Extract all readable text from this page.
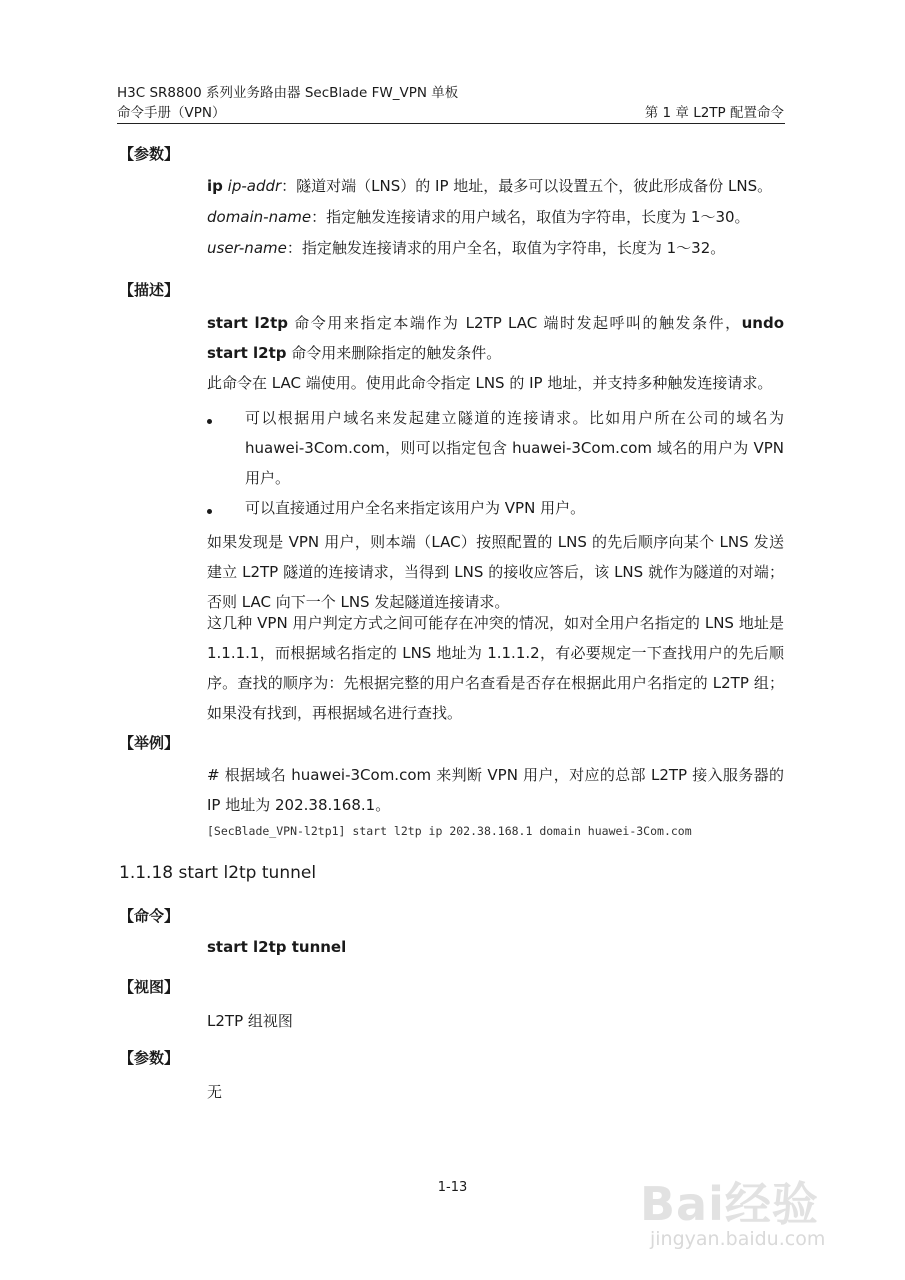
H3C SR8800 系列业务路由器 SecBlade FW_VPN 单板
命令手册（VPN）	第 1 章 L2TP 配置命令
【参数】
ip ip-addr：隧道对端（LNS）的 IP 地址，最多可以设置五个，彼此形成备份 LNS。
domain-name：指定触发连接请求的用户域名，取值为字符串，长度为 1～30。
user-name：指定触发连接请求的用户全名，取值为字符串，长度为 1～32。
【描述】
start l2tp 命令用来指定本端作为 L2TP LAC 端时发起呼叫的触发条件，undo start l2tp 命令用来删除指定的触发条件。
此命令在 LAC 端使用。使用此命令指定 LNS 的 IP 地址，并支持多种触发连接请求。
可以根据用户域名来发起建立隧道的连接请求。比如用户所在公司的域名为 huawei-3Com.com，则可以指定包含 huawei-3Com.com 域名的用户为 VPN 用户。
可以直接通过用户全名来指定该用户为 VPN 用户。
如果发现是 VPN 用户，则本端（LAC）按照配置的 LNS 的先后顺序向某个 LNS 发送建立 L2TP 隧道的连接请求，当得到 LNS 的接收应答后，该 LNS 就作为隧道的对端；否则 LAC 向下一个 LNS 发起隧道连接请求。
这几种 VPN 用户判定方式之间可能存在冲突的情况，如对全用户名指定的 LNS 地址是 1.1.1.1，而根据域名指定的 LNS 地址为 1.1.1.2，有必要规定一下查找用户的先后顺序。查找的顺序为：先根据完整的用户名查看是否存在根据此用户名指定的 L2TP 组；如果没有找到，再根据域名进行查找。
【举例】
# 根据域名 huawei-3Com.com 来判断 VPN 用户，对应的总部 L2TP 接入服务器的 IP 地址为 202.38.168.1。
[SecBlade_VPN-l2tp1] start l2tp ip 202.38.168.1 domain huawei-3Com.com
1.1.18 start l2tp tunnel
【命令】
start l2tp tunnel
【视图】
L2TP 组视图
【参数】
无
1-13	Bai经验
jingyan.baidu.com
